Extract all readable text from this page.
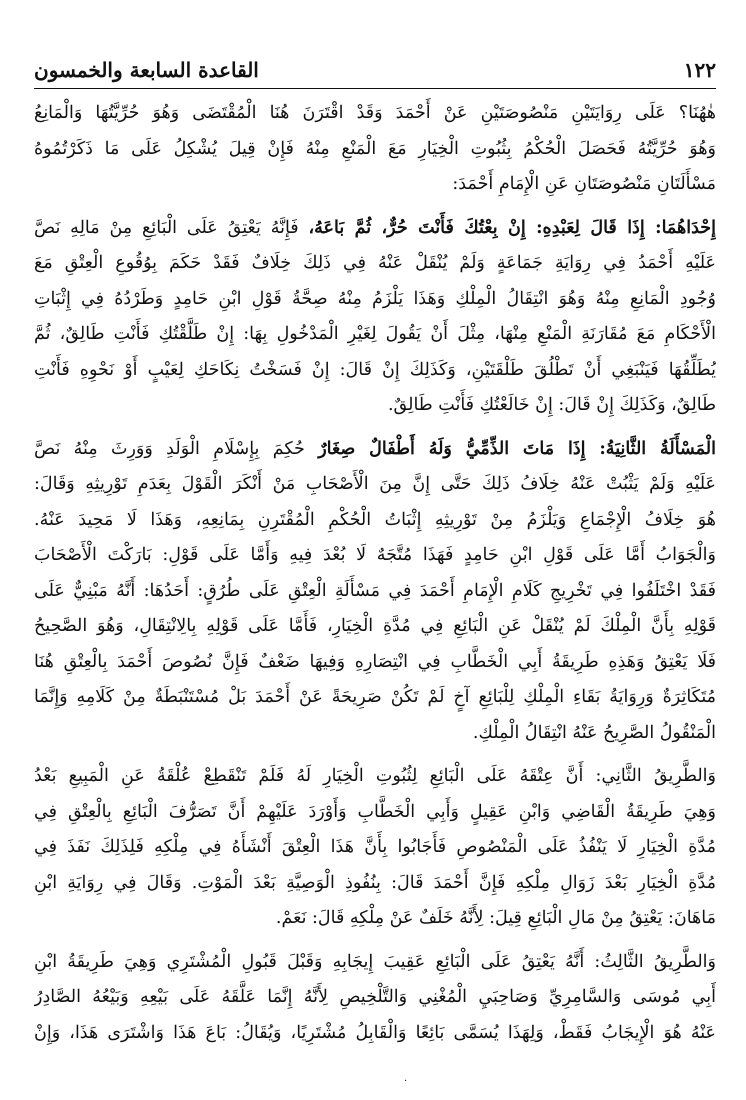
١٢٢
القاعدة السابعة والخمسون

هٰهُنَا؟ عَلَى رِوَايَتَيْنِ مَنْصُوصَتَيْنِ عَنْ أَحْمَدَ وَقَدْ اقْتَرَنَ هُنَا الْمُقْتَضَى وَهُوَ حُرِّيَّتُهَا وَالْمَانِعُ
وَهُوَ حُرِّيَّتُهُ فَحَصَلَ الْحُكْمُ بِثُبُوتِ الْخِيَارِ مَعَ الْمَنْعِ مِنْهُ فَإِنْ قِيلَ يُشْكِلُ عَلَى مَا ذَكَرْتُمُوهُ
مَسْأَلَتَانِ مَنْصُوصَتَانِ عَنِ الْإِمَامِ أَحْمَدَ:

إِحْدَاهُمَا: إِذَا قَالَ لِعَبْدِهِ: إِنْ بِعْتُكَ فَأَنْتَ حُرٌّ، ثُمَّ بَاعَهُ، فَإِنَّهُ يَعْتِقُ عَلَى الْبَائِعِ مِنْ مَالِهِ نَصَّ
عَلَيْهِ أَحْمَدُ فِي رِوَايَةِ جَمَاعَةٍ وَلَمْ يُنْقَلْ عَنْهُ فِي ذَلِكَ خِلَافٌ فَقَدْ حَكَمَ بِوُقُوعِ الْعِتْقِ مَعَ
وُجُودِ الْمَانِعِ مِنْهُ وَهُوَ انْتِقَالُ الْمِلْكِ وَهَذَا يَلْزَمُ مِنْهُ صِحَّةُ قَوْلِ ابْنِ حَامِدٍ وَطَرْدُهُ فِي إِثْبَاتِ
الْأَحْكَامِ مَعَ مُقَارَنَةِ الْمَنْعِ مِنْهَا، مِثْلَ أَنْ يَقُولَ لِغَيْرِ الْمَدْخُولِ بِهَا: إِنْ طَلَّقْتُكِ فَأَنْتِ طَالِقٌ، ثُمَّ
يُطَلِّقُهَا فَيَنْبَغِي أَنْ تَطْلُقَ طَلْقَتَيْنِ، وَكَذَلِكَ إِنْ قَالَ: إِنْ فَسَخْتُ نِكَاحَكِ لِعَيْبٍ أَوْ نَحْوِهِ فَأَنْتِ
طَالِقٌ، وَكَذَلِكَ إِنْ قَالَ: إِنْ خَالَعْتُكِ فَأَنْتِ طَالِقٌ.

الْمَسْأَلَةُ الثَّانِيَةُ: إِذَا مَاتَ الذِّمِّيُّ وَلَهُ أَطْفَالٌ صِغَارٌ حُكِمَ بِإِسْلَامِ الْوَلَدِ وَوَرِثَ مِنْهُ نَصَّ
عَلَيْهِ وَلَمْ يَثْبُتْ عَنْهُ خِلَافُ ذَلِكَ حَتَّى إِنَّ مِنَ الْأَصْحَابِ مَنْ أَنْكَرَ الْقَوْلَ بِعَدَمِ تَوْرِيثِهِ وَقَالَ:
هُوَ خِلَافُ الْإِجْمَاعِ وَيَلْزَمُ مِنْ تَوْرِيثِهِ إِثْبَاتُ الْحُكْمِ الْمُقْتَرِنِ بِمَانِعِهِ، وَهَذَا لَا مَحِيدَ عَنْهُ.
وَالْجَوَابُ أَمَّا عَلَى قَوْلِ ابْنِ حَامِدٍ فَهَذَا مُتَّجَهٌ لَا بُعْدَ فِيهِ وَأَمَّا عَلَى قَوْلِ: بَارَكْتَ الْأَصْحَابَ
فَقَدْ اخْتَلَفُوا فِي تَخْرِيجِ كَلَامِ الْإِمَامِ أَحْمَدَ فِي مَسْأَلَةِ الْعِتْقِ عَلَى طُرُقٍ: أَحَدُهَا: أَنَّهُ مَبْنِيٌّ عَلَى
قَوْلِهِ بِأَنَّ الْمِلْكَ لَمْ يُنْقَلْ عَنِ الْبَائِعِ فِي مُدَّةِ الْخِيَارِ، فَأَمَّا عَلَى قَوْلِهِ بِالِانْتِقَالِ، وَهُوَ الصَّحِيحُ
فَلَا يَعْتِقُ وَهَذِهِ طَرِيقَةُ أَبِي الْخَطَّابِ فِي انْتِصَارِهِ وَفِيهَا ضَعْفٌ فَإِنَّ نُصُوصَ أَحْمَدَ بِالْعِتْقِ هُنَا
مُتَكَاثِرَةٌ وَرِوَايَةُ بَقَاءِ الْمِلْكِ لِلْبَائِعِ آخٍ لَمْ تَكُنْ صَرِيحَةً عَنْ أَحْمَدَ بَلْ مُسْتَنْبَطَةٌ مِنْ كَلَامِهِ وَإِنَّمَا
الْمَنْقُولُ الصَّرِيحُ عَنْهُ انْتِقَالُ الْمِلْكِ.

وَالطَّرِيقُ الثَّانِي: أَنَّ عِتْقَهُ عَلَى الْبَائِعِ لِثُبُوتِ الْخِيَارِ لَهُ فَلَمْ تَنْقَطِعْ عُلْقَةُ عَنِ الْمَبِيعِ بَعْدُ
وَهِيَ طَرِيقَةُ الْقَاضِي وَابْنِ عَقِيلٍ وَأَبِي الْخَطَّابِ وَأَوْرَدَ عَلَيْهِمْ أَنَّ تَصَرُّفَ الْبَائِعِ بِالْعِتْقِ فِي
مُدَّةِ الْخِيَارِ لَا يَنْفُذُ عَلَى الْمَنْصُوصِ فَأَجَابُوا بِأَنَّ هَذَا الْعِتْقَ أَنْشَأَهُ فِي مِلْكِهِ فَلِذَلِكَ نَفَذَ فِي
مُدَّةِ الْخِيَارِ بَعْدَ زَوَالِ مِلْكِهِ فَإِنَّ أَحْمَدَ قَالَ: بِنُفُوذِ الْوَصِيَّةِ بَعْدَ الْمَوْتِ. وَقَالَ فِي رِوَايَةِ ابْنِ
مَاهَانَ: يَعْتِقُ مِنْ مَالِ الْبَائِعِ قِيلَ: لِأَنَّهُ خَلَفٌ عَنْ مِلْكِهِ قَالَ: نَعَمْ.

وَالطَّرِيقُ الثَّالِثُ: أَنَّهُ يَعْتِقُ عَلَى الْبَائِعِ عَقِيبَ إِيجَابِهِ وَقَبْلَ قَبُولِ الْمُشْتَرِي وَهِيَ طَرِيقَةُ ابْنِ
أَبِي مُوسَى وَالسَّامِرِيِّ وَصَاحِبَيِ الْمُغْنِي وَالتَّلْخِيصِ لِأَنَّهُ إِنَّمَا عَلَّقَهُ عَلَى بَيْعِهِ وَبَيْعُهُ الصَّادِرُ
عَنْهُ هُوَ الْإِيجَابُ فَقَطْ، وَلِهَذَا يُسَمَّى بَائِعًا وَالْقَابِلُ مُشْتَرِيًا، وَيُقَالُ: بَاعَ هَذَا وَاشْتَرَى هَذَا، وَإِنْ

·
